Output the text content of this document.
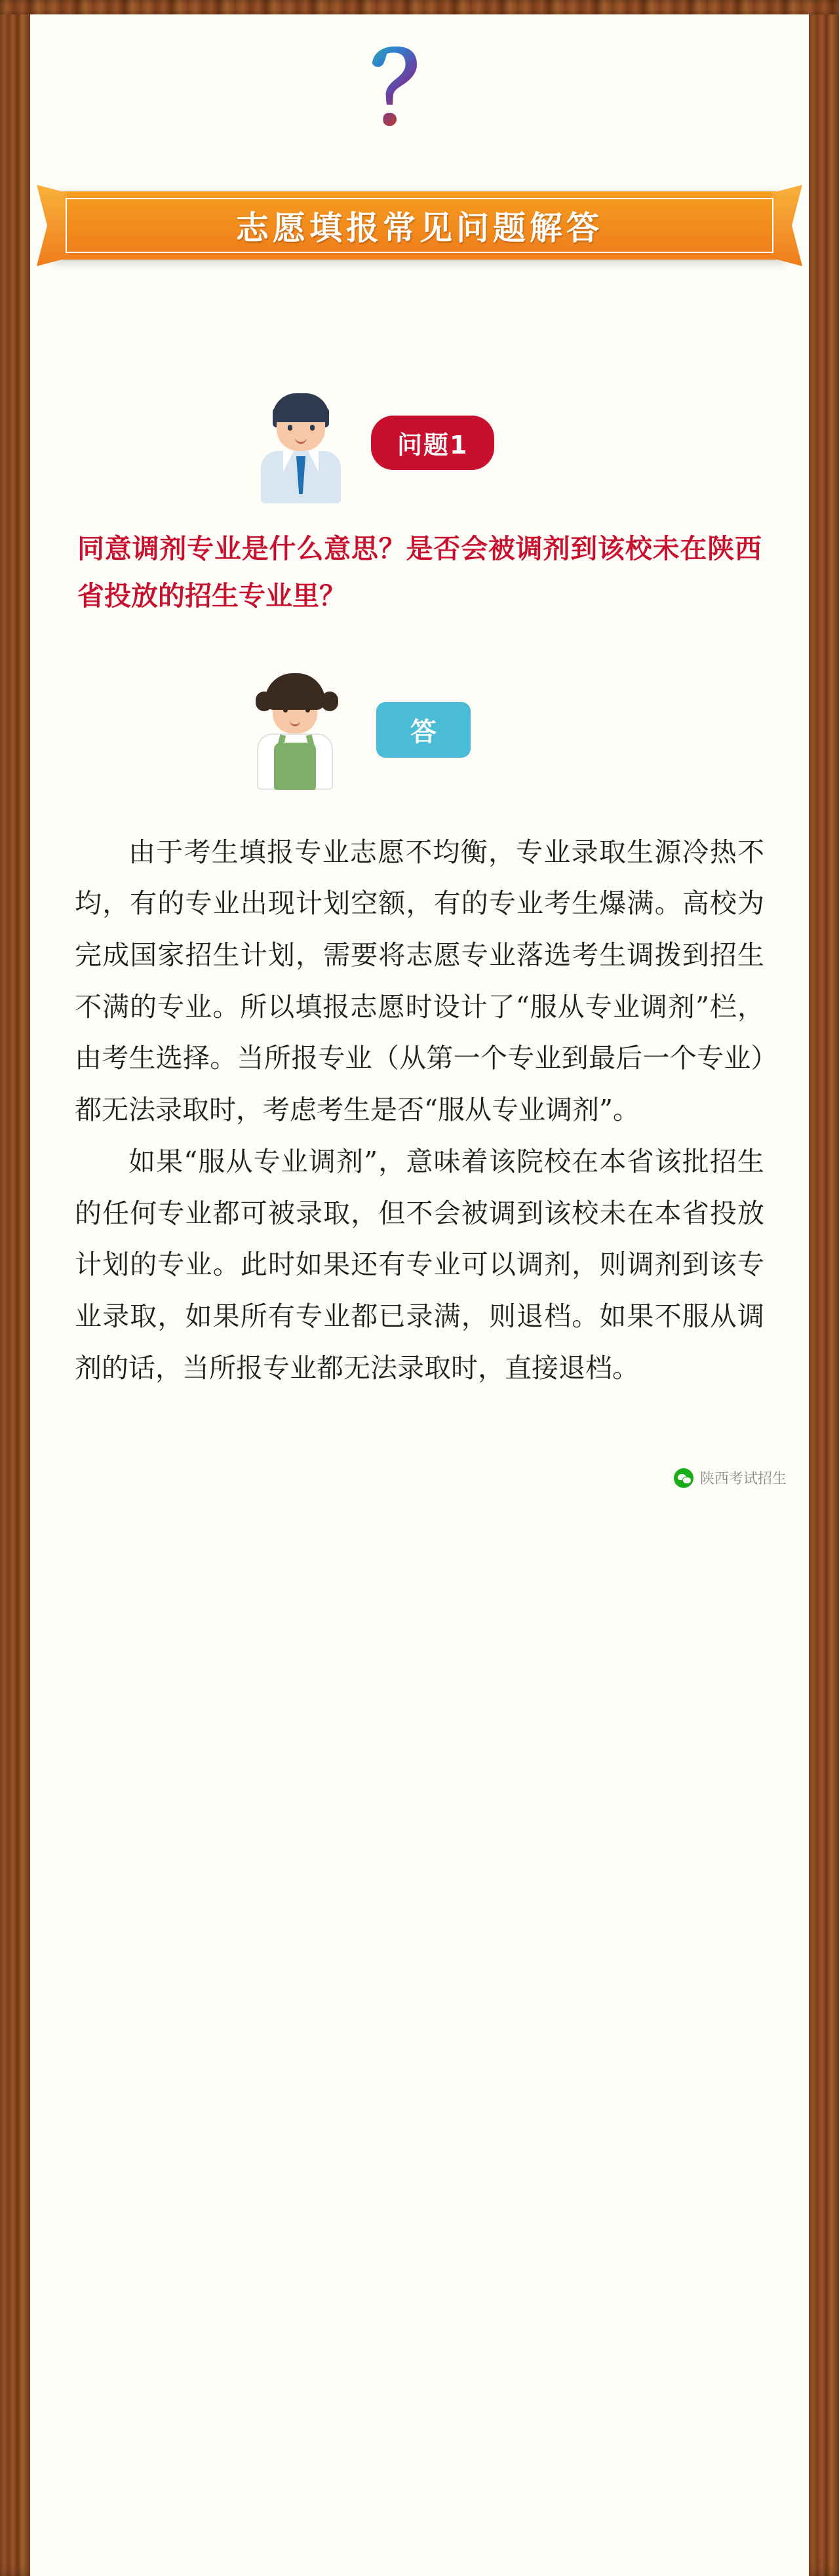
？
志愿填报常见问题解答
问题1
同意调剂专业是什么意思？是否会被调剂到该校未在陕西省投放的招生专业里？
答

由于考生填报专业志愿不均衡，专业录取生源冷热不均，有的专业出现计划空额，有的专业考生爆满。高校为完成国家招生计划，需要将志愿专业落选考生调拨到招生不满的专业。所以填报志愿时设计了“服从专业调剂”栏，由考生选择。当所报专业（从第一个专业到最后一个专业）都无法录取时，考虑考生是否“服从专业调剂”。

如果“服从专业调剂”，意味着该院校在本省该批招生的任何专业都可被录取，但不会被调到该校未在本省投放计划的专业。此时如果还有专业可以调剂，则调剂到该专业录取，如果所有专业都已录满，则退档。如果不服从调剂的话，当所报专业都无法录取时，直接退档。

陕西考试招生
